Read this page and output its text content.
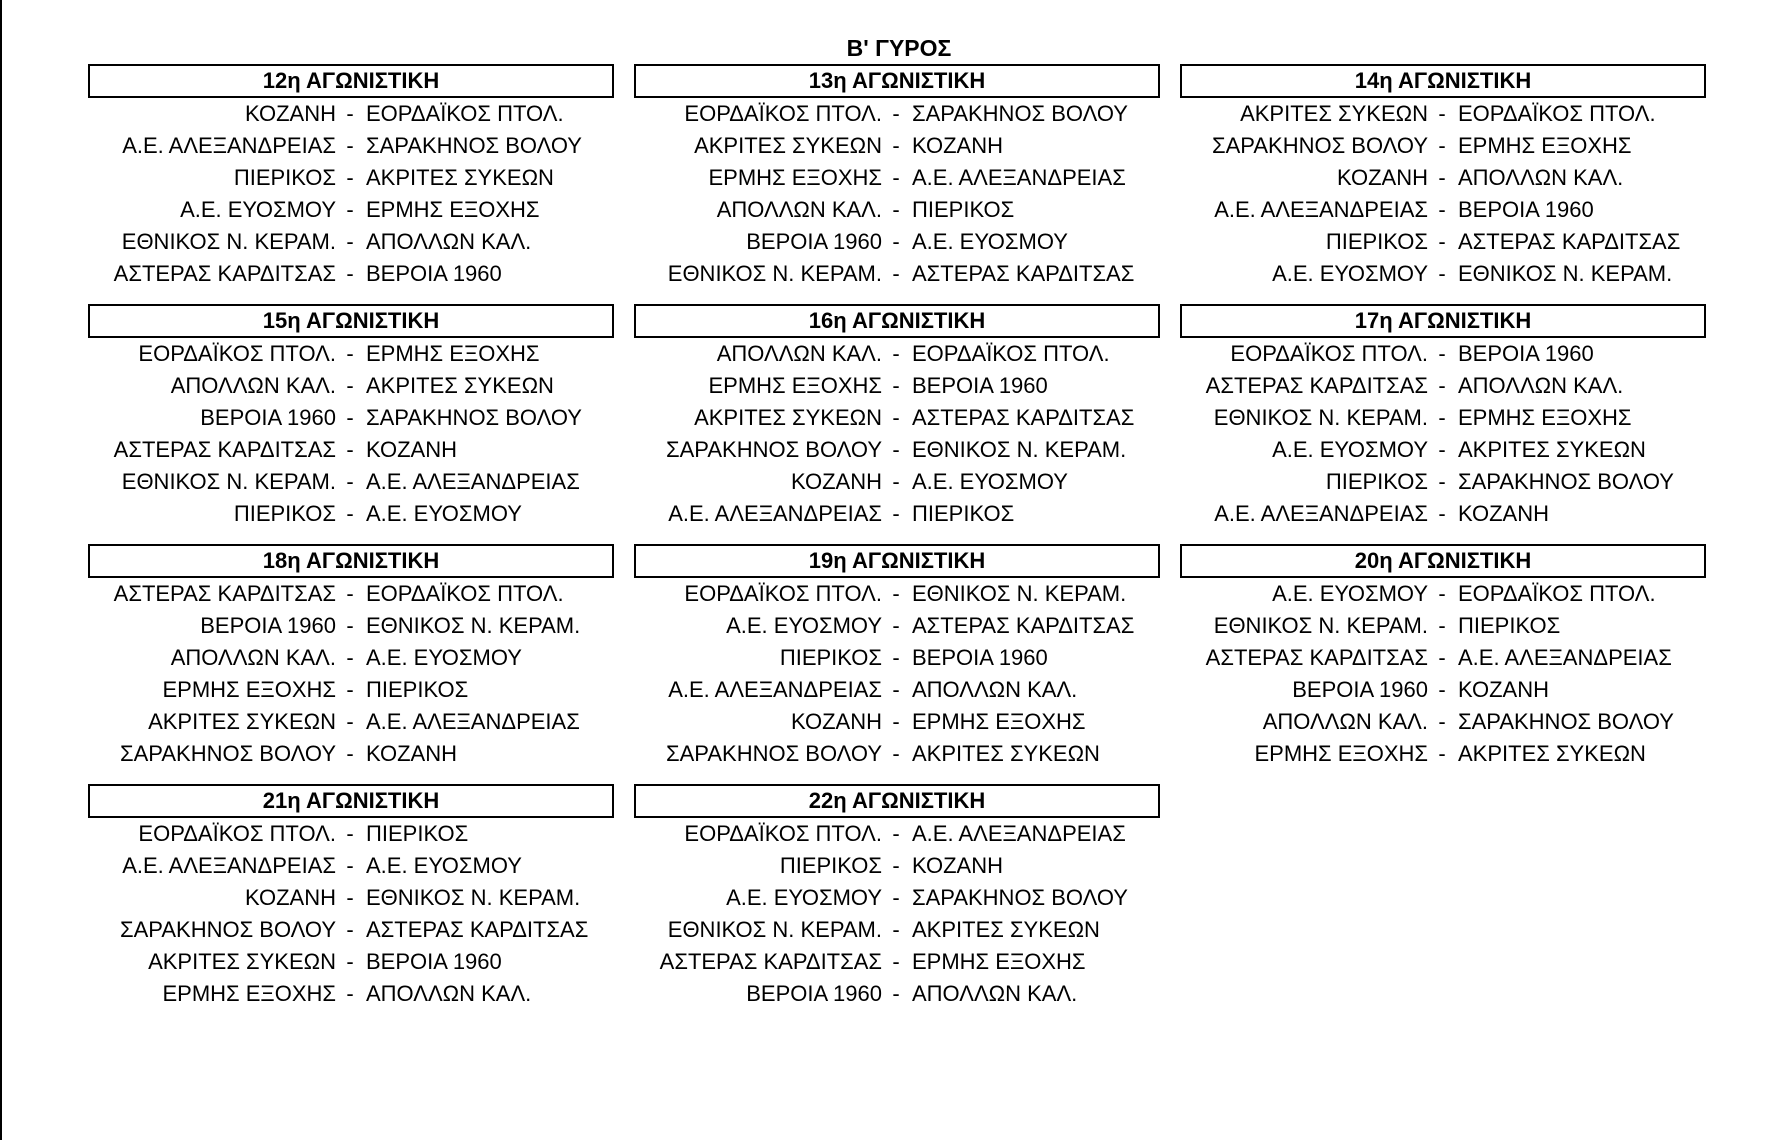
Β' ΓΥΡΟΣ
12η ΑΓΩΝΙΣΤΙΚΗ
ΚΟΖΑΝΗ - ΕΟΡΔΑΪΚΟΣ ΠΤΟΛ.
Α.Ε. ΑΛΕΞΑΝΔΡΕΙΑΣ - ΣΑΡΑΚΗΝΟΣ ΒΟΛΟΥ
ΠΙΕΡΙΚΟΣ - ΑΚΡΙΤΕΣ ΣΥΚΕΩΝ
Α.Ε. ΕΥΟΣΜΟΥ - ΕΡΜΗΣ ΕΞΟΧΗΣ
ΕΘΝΙΚΟΣ Ν. ΚΕΡΑΜ. - ΑΠΟΛΛΩΝ ΚΑΛ.
ΑΣΤΕΡΑΣ ΚΑΡΔΙΤΣΑΣ - ΒΕΡΟΙΑ 1960
13η ΑΓΩΝΙΣΤΙΚΗ
ΕΟΡΔΑΪΚΟΣ ΠΤΟΛ. - ΣΑΡΑΚΗΝΟΣ ΒΟΛΟΥ
ΑΚΡΙΤΕΣ ΣΥΚΕΩΝ - ΚΟΖΑΝΗ
ΕΡΜΗΣ ΕΞΟΧΗΣ - Α.Ε. ΑΛΕΞΑΝΔΡΕΙΑΣ
ΑΠΟΛΛΩΝ ΚΑΛ. - ΠΙΕΡΙΚΟΣ
ΒΕΡΟΙΑ 1960 - Α.Ε. ΕΥΟΣΜΟΥ
ΕΘΝΙΚΟΣ Ν. ΚΕΡΑΜ. - ΑΣΤΕΡΑΣ ΚΑΡΔΙΤΣΑΣ
14η ΑΓΩΝΙΣΤΙΚΗ
ΑΚΡΙΤΕΣ ΣΥΚΕΩΝ - ΕΟΡΔΑΪΚΟΣ ΠΤΟΛ.
ΣΑΡΑΚΗΝΟΣ ΒΟΛΟΥ - ΕΡΜΗΣ ΕΞΟΧΗΣ
ΚΟΖΑΝΗ - ΑΠΟΛΛΩΝ ΚΑΛ.
Α.Ε. ΑΛΕΞΑΝΔΡΕΙΑΣ - ΒΕΡΟΙΑ 1960
ΠΙΕΡΙΚΟΣ - ΑΣΤΕΡΑΣ ΚΑΡΔΙΤΣΑΣ
Α.Ε. ΕΥΟΣΜΟΥ - ΕΘΝΙΚΟΣ Ν. ΚΕΡΑΜ.
15η ΑΓΩΝΙΣΤΙΚΗ
ΕΟΡΔΑΪΚΟΣ ΠΤΟΛ. - ΕΡΜΗΣ ΕΞΟΧΗΣ
ΑΠΟΛΛΩΝ ΚΑΛ. - ΑΚΡΙΤΕΣ ΣΥΚΕΩΝ
ΒΕΡΟΙΑ 1960 - ΣΑΡΑΚΗΝΟΣ ΒΟΛΟΥ
ΑΣΤΕΡΑΣ ΚΑΡΔΙΤΣΑΣ - ΚΟΖΑΝΗ
ΕΘΝΙΚΟΣ Ν. ΚΕΡΑΜ. - Α.Ε. ΑΛΕΞΑΝΔΡΕΙΑΣ
ΠΙΕΡΙΚΟΣ - Α.Ε. ΕΥΟΣΜΟΥ
16η ΑΓΩΝΙΣΤΙΚΗ
ΑΠΟΛΛΩΝ ΚΑΛ. - ΕΟΡΔΑΪΚΟΣ ΠΤΟΛ.
ΕΡΜΗΣ ΕΞΟΧΗΣ - ΒΕΡΟΙΑ 1960
ΑΚΡΙΤΕΣ ΣΥΚΕΩΝ - ΑΣΤΕΡΑΣ ΚΑΡΔΙΤΣΑΣ
ΣΑΡΑΚΗΝΟΣ ΒΟΛΟΥ - ΕΘΝΙΚΟΣ Ν. ΚΕΡΑΜ.
ΚΟΖΑΝΗ - Α.Ε. ΕΥΟΣΜΟΥ
Α.Ε. ΑΛΕΞΑΝΔΡΕΙΑΣ - ΠΙΕΡΙΚΟΣ
17η ΑΓΩΝΙΣΤΙΚΗ
ΕΟΡΔΑΪΚΟΣ ΠΤΟΛ. - ΒΕΡΟΙΑ 1960
ΑΣΤΕΡΑΣ ΚΑΡΔΙΤΣΑΣ - ΑΠΟΛΛΩΝ ΚΑΛ.
ΕΘΝΙΚΟΣ Ν. ΚΕΡΑΜ. - ΕΡΜΗΣ ΕΞΟΧΗΣ
Α.Ε. ΕΥΟΣΜΟΥ - ΑΚΡΙΤΕΣ ΣΥΚΕΩΝ
ΠΙΕΡΙΚΟΣ - ΣΑΡΑΚΗΝΟΣ ΒΟΛΟΥ
Α.Ε. ΑΛΕΞΑΝΔΡΕΙΑΣ - ΚΟΖΑΝΗ
18η ΑΓΩΝΙΣΤΙΚΗ
ΑΣΤΕΡΑΣ ΚΑΡΔΙΤΣΑΣ - ΕΟΡΔΑΪΚΟΣ ΠΤΟΛ.
ΒΕΡΟΙΑ 1960 - ΕΘΝΙΚΟΣ Ν. ΚΕΡΑΜ.
ΑΠΟΛΛΩΝ ΚΑΛ. - Α.Ε. ΕΥΟΣΜΟΥ
ΕΡΜΗΣ ΕΞΟΧΗΣ - ΠΙΕΡΙΚΟΣ
ΑΚΡΙΤΕΣ ΣΥΚΕΩΝ - Α.Ε. ΑΛΕΞΑΝΔΡΕΙΑΣ
ΣΑΡΑΚΗΝΟΣ ΒΟΛΟΥ - ΚΟΖΑΝΗ
19η ΑΓΩΝΙΣΤΙΚΗ
ΕΟΡΔΑΪΚΟΣ ΠΤΟΛ. - ΕΘΝΙΚΟΣ Ν. ΚΕΡΑΜ.
Α.Ε. ΕΥΟΣΜΟΥ - ΑΣΤΕΡΑΣ ΚΑΡΔΙΤΣΑΣ
ΠΙΕΡΙΚΟΣ - ΒΕΡΟΙΑ 1960
Α.Ε. ΑΛΕΞΑΝΔΡΕΙΑΣ - ΑΠΟΛΛΩΝ ΚΑΛ.
ΚΟΖΑΝΗ - ΕΡΜΗΣ ΕΞΟΧΗΣ
ΣΑΡΑΚΗΝΟΣ ΒΟΛΟΥ - ΑΚΡΙΤΕΣ ΣΥΚΕΩΝ
20η ΑΓΩΝΙΣΤΙΚΗ
Α.Ε. ΕΥΟΣΜΟΥ - ΕΟΡΔΑΪΚΟΣ ΠΤΟΛ.
ΕΘΝΙΚΟΣ Ν. ΚΕΡΑΜ. - ΠΙΕΡΙΚΟΣ
ΑΣΤΕΡΑΣ ΚΑΡΔΙΤΣΑΣ - Α.Ε. ΑΛΕΞΑΝΔΡΕΙΑΣ
ΒΕΡΟΙΑ 1960 - ΚΟΖΑΝΗ
ΑΠΟΛΛΩΝ ΚΑΛ. - ΣΑΡΑΚΗΝΟΣ ΒΟΛΟΥ
ΕΡΜΗΣ ΕΞΟΧΗΣ - ΑΚΡΙΤΕΣ ΣΥΚΕΩΝ
21η ΑΓΩΝΙΣΤΙΚΗ
ΕΟΡΔΑΪΚΟΣ ΠΤΟΛ. - ΠΙΕΡΙΚΟΣ
Α.Ε. ΑΛΕΞΑΝΔΡΕΙΑΣ - Α.Ε. ΕΥΟΣΜΟΥ
ΚΟΖΑΝΗ - ΕΘΝΙΚΟΣ Ν. ΚΕΡΑΜ.
ΣΑΡΑΚΗΝΟΣ ΒΟΛΟΥ - ΑΣΤΕΡΑΣ ΚΑΡΔΙΤΣΑΣ
ΑΚΡΙΤΕΣ ΣΥΚΕΩΝ - ΒΕΡΟΙΑ 1960
ΕΡΜΗΣ ΕΞΟΧΗΣ - ΑΠΟΛΛΩΝ ΚΑΛ.
22η ΑΓΩΝΙΣΤΙΚΗ
ΕΟΡΔΑΪΚΟΣ ΠΤΟΛ. - Α.Ε. ΑΛΕΞΑΝΔΡΕΙΑΣ
ΠΙΕΡΙΚΟΣ - ΚΟΖΑΝΗ
Α.Ε. ΕΥΟΣΜΟΥ - ΣΑΡΑΚΗΝΟΣ ΒΟΛΟΥ
ΕΘΝΙΚΟΣ Ν. ΚΕΡΑΜ. - ΑΚΡΙΤΕΣ ΣΥΚΕΩΝ
ΑΣΤΕΡΑΣ ΚΑΡΔΙΤΣΑΣ - ΕΡΜΗΣ ΕΞΟΧΗΣ
ΒΕΡΟΙΑ 1960 - ΑΠΟΛΛΩΝ ΚΑΛ.
